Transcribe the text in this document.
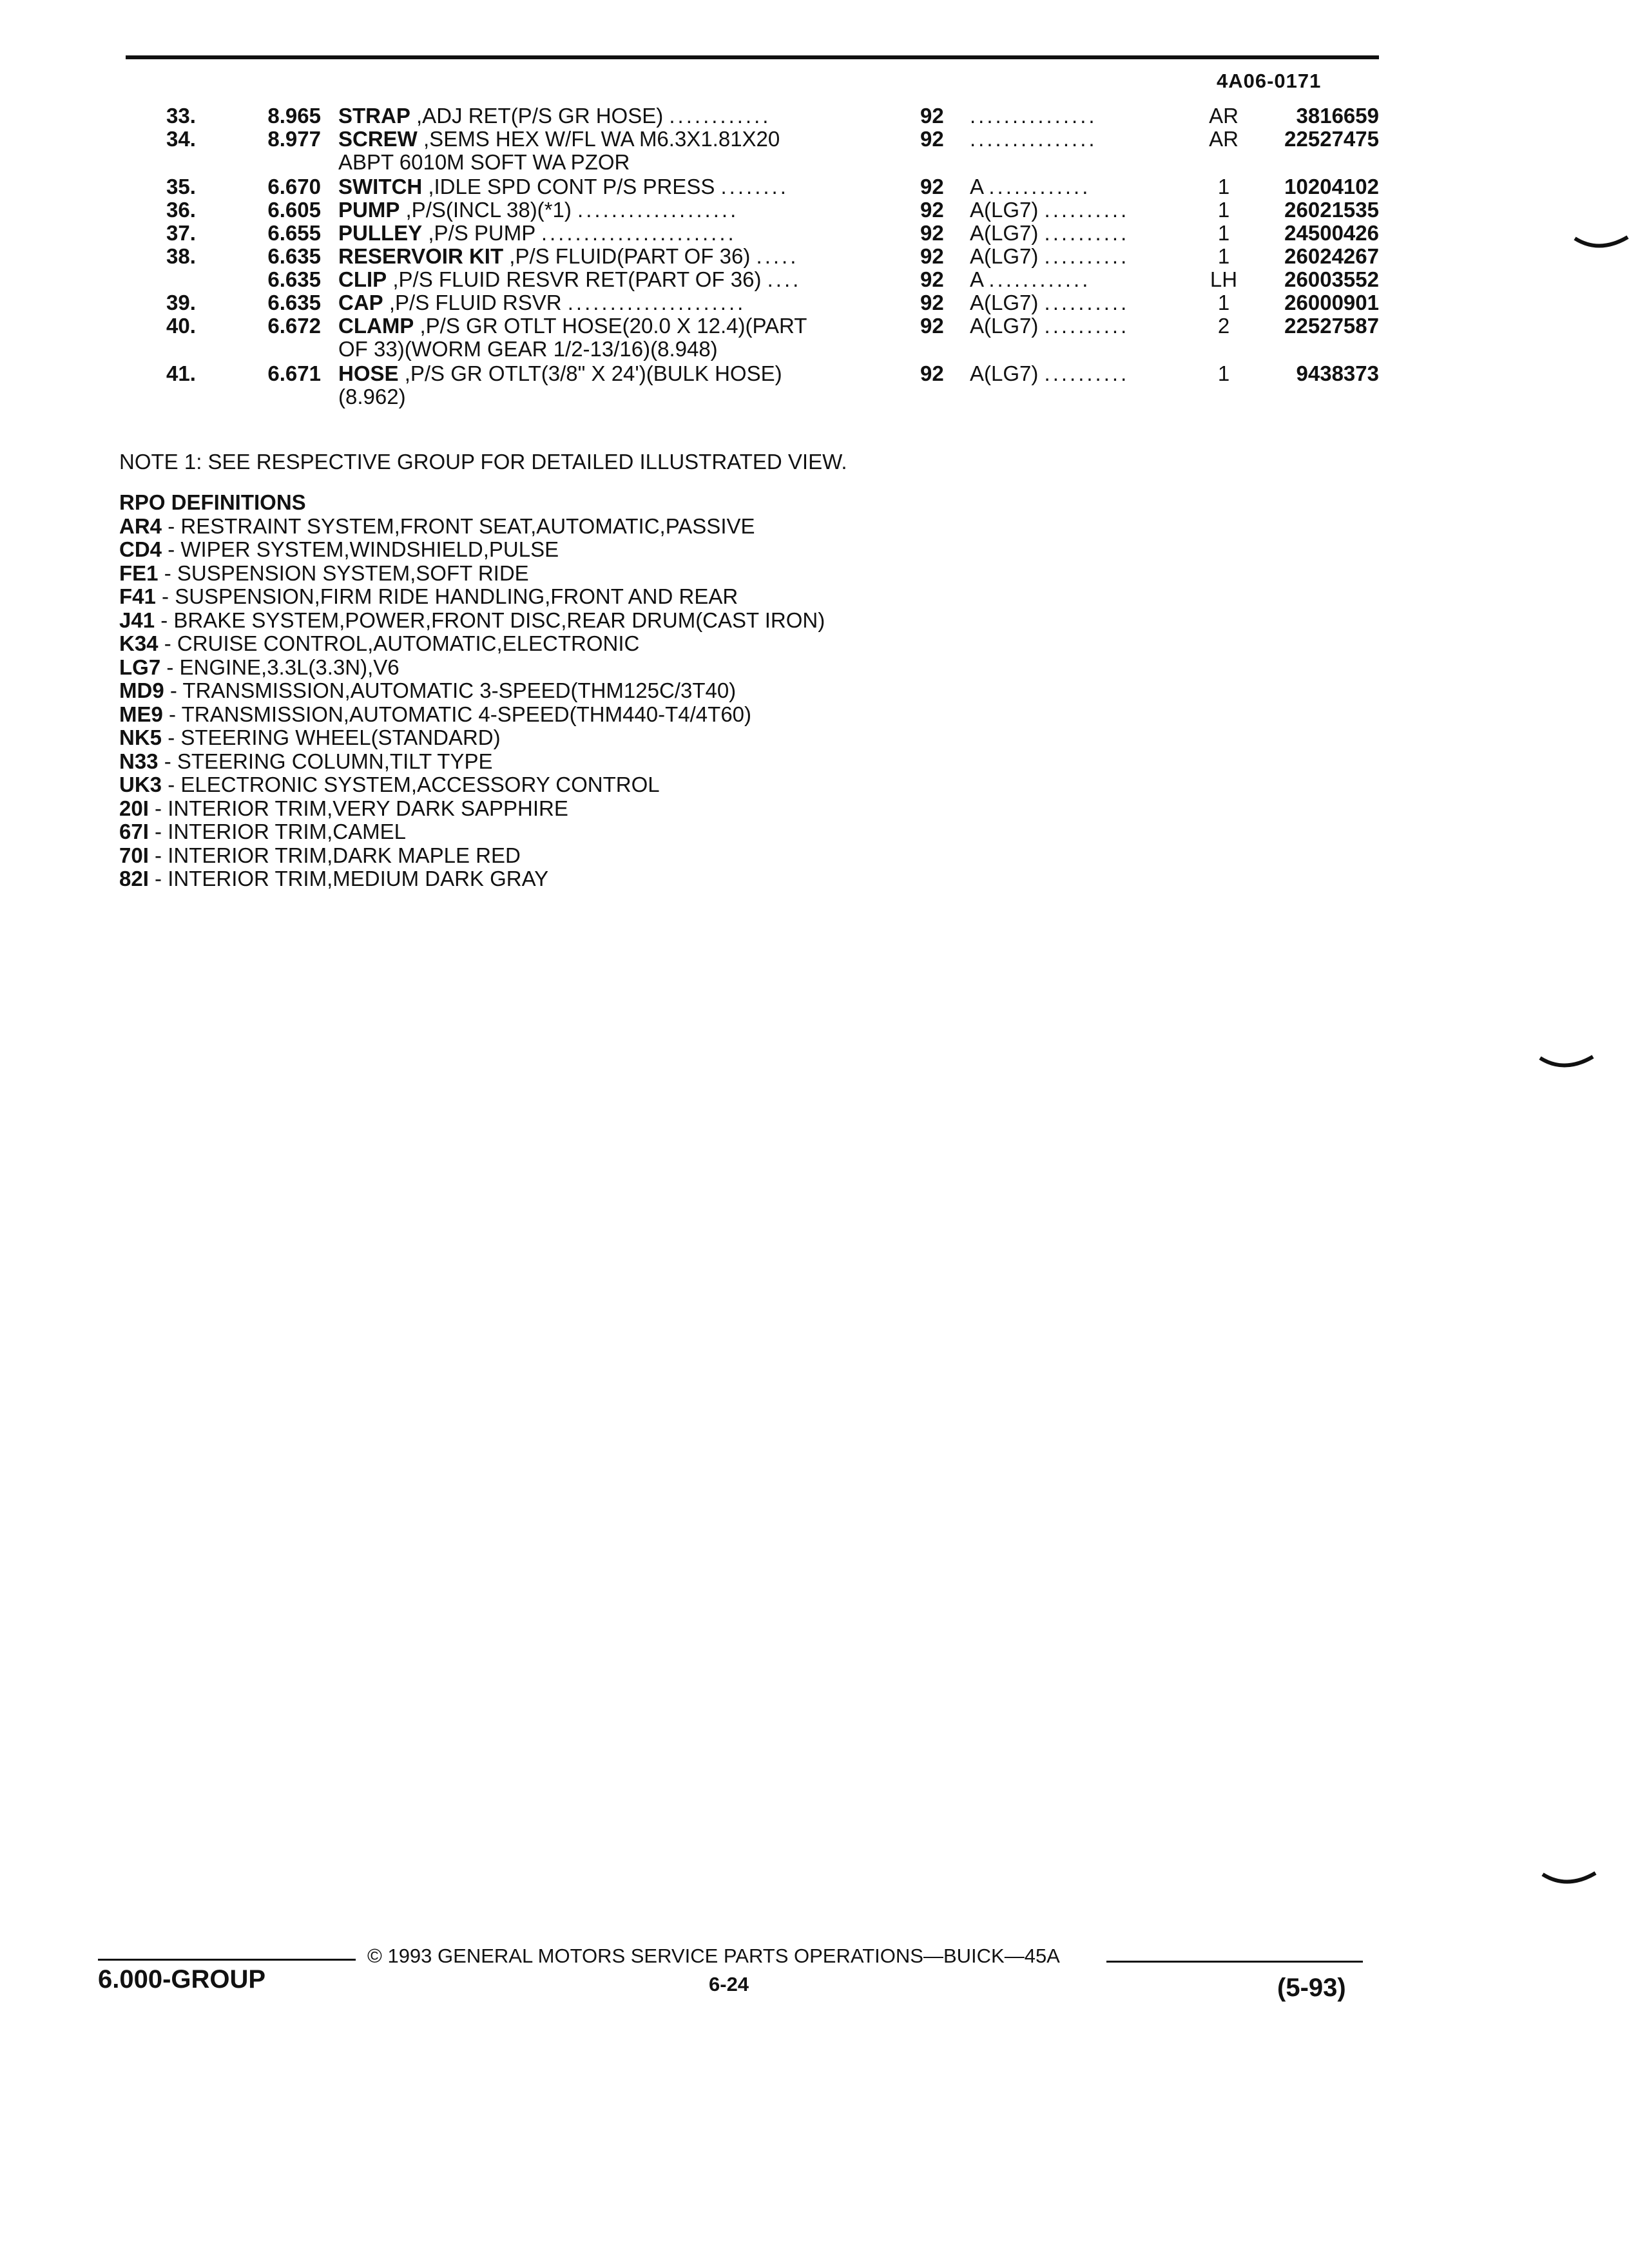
4A06-0171
33.	8.965 STRAP ,ADJ RET(P/S GR HOSE) ............	92 ...............	AR	3816659
34.	8.977 SCREW ,SEMS HEX W/FL WA M6.3X1.81X20	92 ...............	AR	22527475
ABPT 6010M SOFT WA PZOR
35.	6.670 SWITCH ,IDLE SPD CONT P/S PRESS ........	92 A ............	1	10204102
36.	6.605 PUMP ,P/S(INCL 38)(*1) ...................	92 A(LG7) ..........	1	26021535
37.	6.655 PULLEY ,P/S PUMP .......................	92 A(LG7) ..........	1	24500426
38.	6.635 RESERVOIR KIT ,P/S FLUID(PART OF 36) .....	92 A(LG7) ..........	1	26024267
6.635 CLIP ,P/S FLUID RESVR RET(PART OF 36) ....	92 A ............	LH	26003552
39.	6.635 CAP ,P/S FLUID RSVR .....................	92 A(LG7) ..........	1	26000901
40.	6.672 CLAMP ,P/S GR OTLT HOSE(20.0 X 12.4)(PART	92 A(LG7) ..........	2	22527587
OF 33)(WORM GEAR 1/2-13/16)(8.948)
41.	6.671 HOSE ,P/S GR OTLT(3/8" X 24')(BULK HOSE)	92 A(LG7) ..........	1	9438373
(8.962)
NOTE 1: SEE RESPECTIVE GROUP FOR DETAILED ILLUSTRATED VIEW.
RPO DEFINITIONS
AR4 - RESTRAINT SYSTEM,FRONT SEAT,AUTOMATIC,PASSIVE
CD4 - WIPER SYSTEM,WINDSHIELD,PULSE
FE1 - SUSPENSION SYSTEM,SOFT RIDE
F41 - SUSPENSION,FIRM RIDE HANDLING,FRONT AND REAR
J41 - BRAKE SYSTEM,POWER,FRONT DISC,REAR DRUM(CAST IRON)
K34 - CRUISE CONTROL,AUTOMATIC,ELECTRONIC
LG7 - ENGINE,3.3L(3.3N),V6
MD9 - TRANSMISSION,AUTOMATIC 3-SPEED(THM125C/3T40)
ME9 - TRANSMISSION,AUTOMATIC 4-SPEED(THM440-T4/4T60)
NK5 - STEERING WHEEL(STANDARD)
N33 - STEERING COLUMN,TILT TYPE
UK3 - ELECTRONIC SYSTEM,ACCESSORY CONTROL
20I - INTERIOR TRIM,VERY DARK SAPPHIRE
67I - INTERIOR TRIM,CAMEL
70I - INTERIOR TRIM,DARK MAPLE RED
82I - INTERIOR TRIM,MEDIUM DARK GRAY
6.000-GROUP
© 1993 GENERAL MOTORS SERVICE PARTS OPERATIONS—BUICK—45A
6-24	(5-93)
